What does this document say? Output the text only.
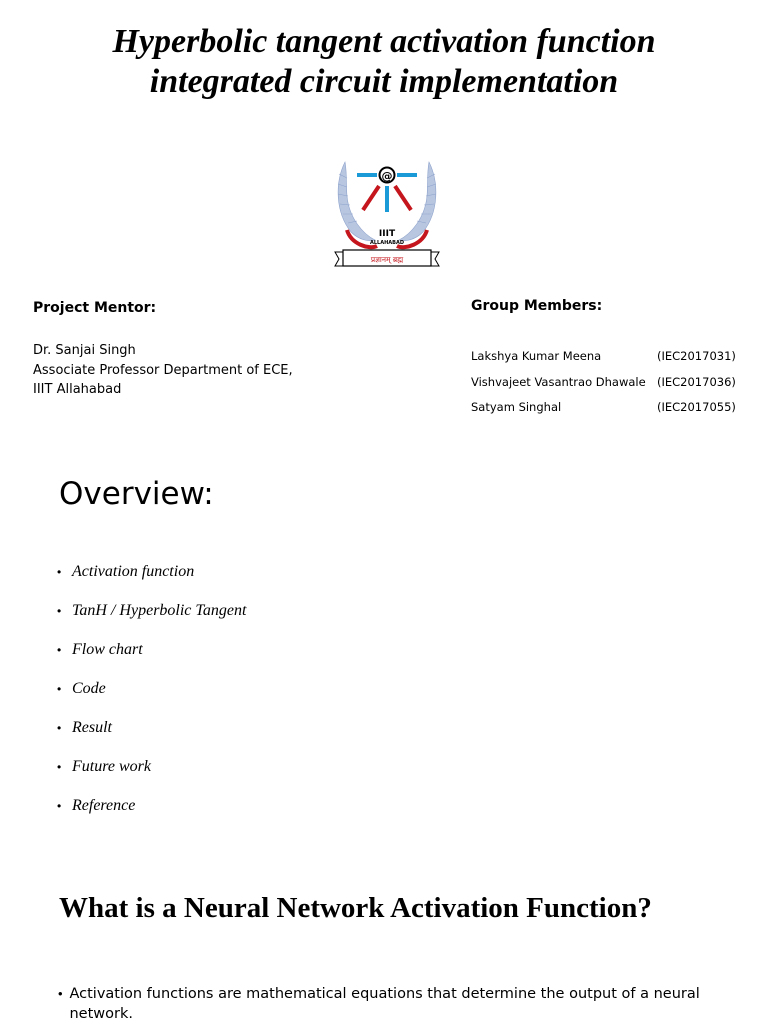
Hyperbolic tangent activation function
integrated circuit implementation
@
IIIT
ALLAHABAD
प्रज्ञानम् ब्रह्म
Project Mentor:
Dr. Sanjai Singh
Associate Professor Department of ECE,
IIIT Allahabad
Group Members:
Lakshya Kumar Meena	(IEC2017031)
Vishvajeet Vasantrao Dhawale (IEC2017036)
Satyam Singhal	(IEC2017055)
Overview:
• Activation function
• TanH / Hyperbolic Tangent
• Flow chart
• Code
• Result
• Future work
• Reference
What is a Neural Network Activation Function?
• Activation functions are mathematical equations that determine the output of a neural network.
